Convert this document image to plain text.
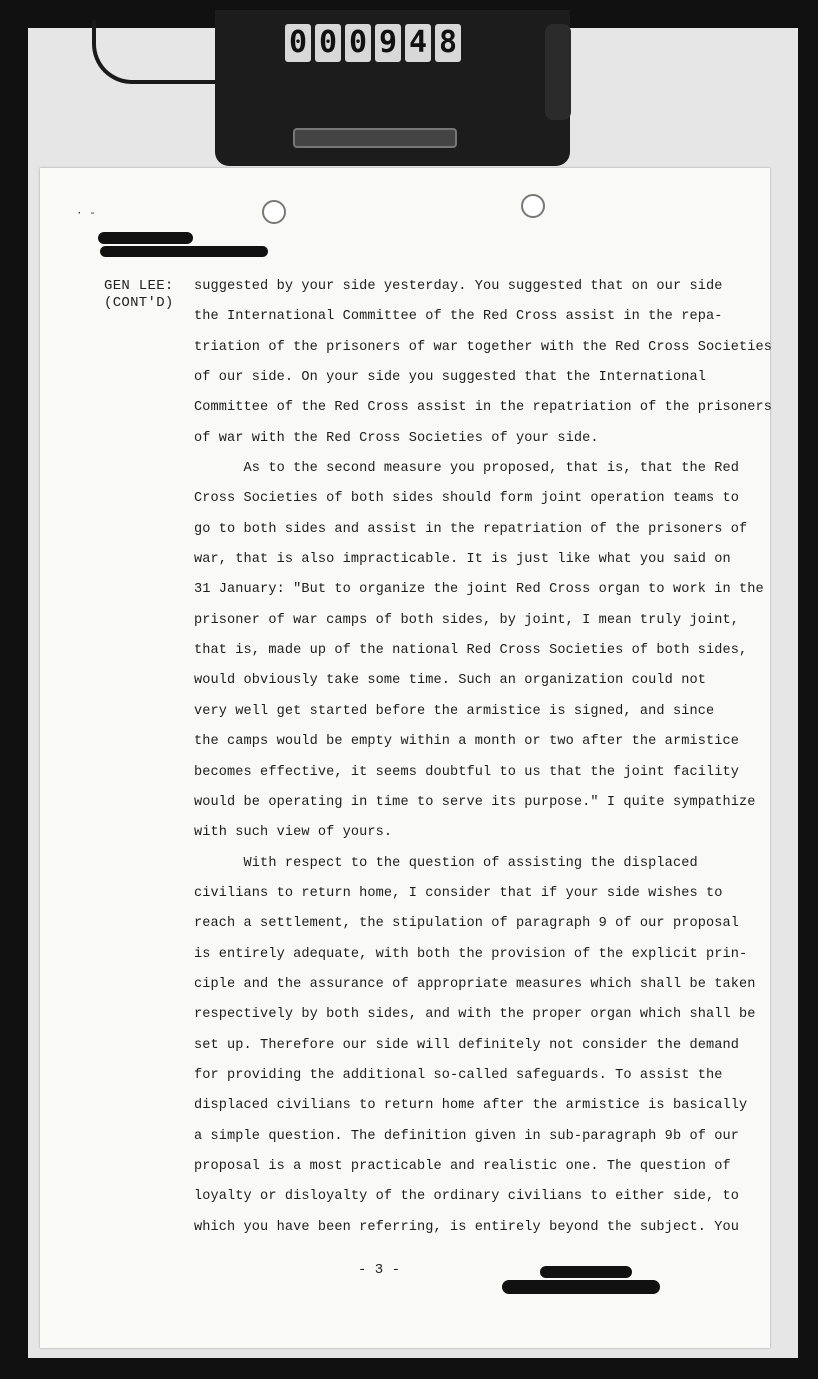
0 0 0 9 4 8
· -
GEN LEE:
(CONT'D)
suggested by your side yesterday. You suggested that on our side
the International Committee of the Red Cross assist in the repa-
triation of the prisoners of war together with the Red Cross Societies
of our side. On your side you suggested that the International
Committee of the Red Cross assist in the repatriation of the prisoners
of war with the Red Cross Societies of your side.
As to the second measure you proposed, that is, that the Red
Cross Societies of both sides should form joint operation teams to
go to both sides and assist in the repatriation of the prisoners of
war, that is also impracticable. It is just like what you said on
31 January: "But to organize the joint Red Cross organ to work in the
prisoner of war camps of both sides, by joint, I mean truly joint,
that is, made up of the national Red Cross Societies of both sides,
would obviously take some time. Such an organization could not
very well get started before the armistice is signed, and since
the camps would be empty within a month or two after the armistice
becomes effective, it seems doubtful to us that the joint facility
would be operating in time to serve its purpose." I quite sympathize
with such view of yours.
With respect to the question of assisting the displaced
civilians to return home, I consider that if your side wishes to
reach a settlement, the stipulation of paragraph 9 of our proposal
is entirely adequate, with both the provision of the explicit prin-
ciple and the assurance of appropriate measures which shall be taken
respectively by both sides, and with the proper organ which shall be
set up. Therefore our side will definitely not consider the demand
for providing the additional so-called safeguards. To assist the
displaced civilians to return home after the armistice is basically
a simple question. The definition given in sub-paragraph 9b of our
proposal is a most practicable and realistic one. The question of
loyalty or disloyalty of the ordinary civilians to either side, to
which you have been referring, is entirely beyond the subject. You
- 3 -
